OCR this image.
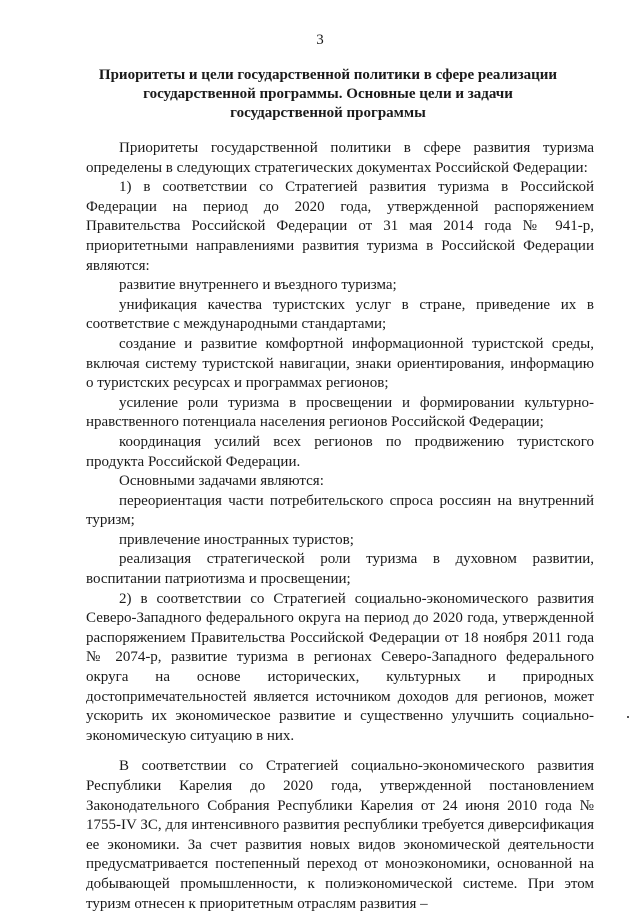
3
Приоритеты и цели государственной политики в сфере реализации государственной программы. Основные цели и задачи государственной программы

Приоритеты государственной политики в сфере развития туризма определены в следующих стратегических документах Российской Федерации:

1) в соответствии со Стратегией развития туризма в Российской Федерации на период до 2020 года, утвержденной распоряжением Правительства Российской Федерации от 31 мая 2014 года № 941-р, приоритетными направлениями развития туризма в Российской Федерации являются:

развитие внутреннего и въездного туризма;

унификация качества туристских услуг в стране, приведение их в соответствие с международными стандартами;

создание и развитие комфортной информационной туристской среды, включая систему туристской навигации, знаки ориентирования, информацию о туристских ресурсах и программах регионов;

усиление роли туризма в просвещении и формировании культурно-нравственного потенциала населения регионов Российской Федерации;

координация усилий всех регионов по продвижению туристского продукта Российской Федерации.

Основными задачами являются:

переориентация части потребительского спроса россиян на внутренний туризм;

привлечение иностранных туристов;

реализация стратегической роли туризма в духовном развитии, воспитании патриотизма и просвещении;

2) в соответствии со Стратегией социально-экономического развития Северо-Западного федерального округа на период до 2020 года, утвержденной распоряжением Правительства Российской Федерации от 18 ноября 2011 года № 2074-р, развитие туризма в регионах Северо-Западного федерального округа на основе исторических, культурных и природных достопримечательностей является источником доходов для регионов, может ускорить их экономическое развитие и существенно улучшить социально-экономическую ситуацию в них.

В соответствии со Стратегией социально-экономического развития Республики Карелия до 2020 года, утвержденной постановлением Законодательного Собрания Республики Карелия от 24 июня 2010 года № 1755-IV ЗС, для интенсивного развития республики требуется диверсификация ее экономики. За счет развития новых видов экономической деятельности предусматривается постепенный переход от моноэкономики, основанной на добывающей промышленности, к полиэкономической системе. При этом туризм отнесен к приоритетным отраслям развития –
